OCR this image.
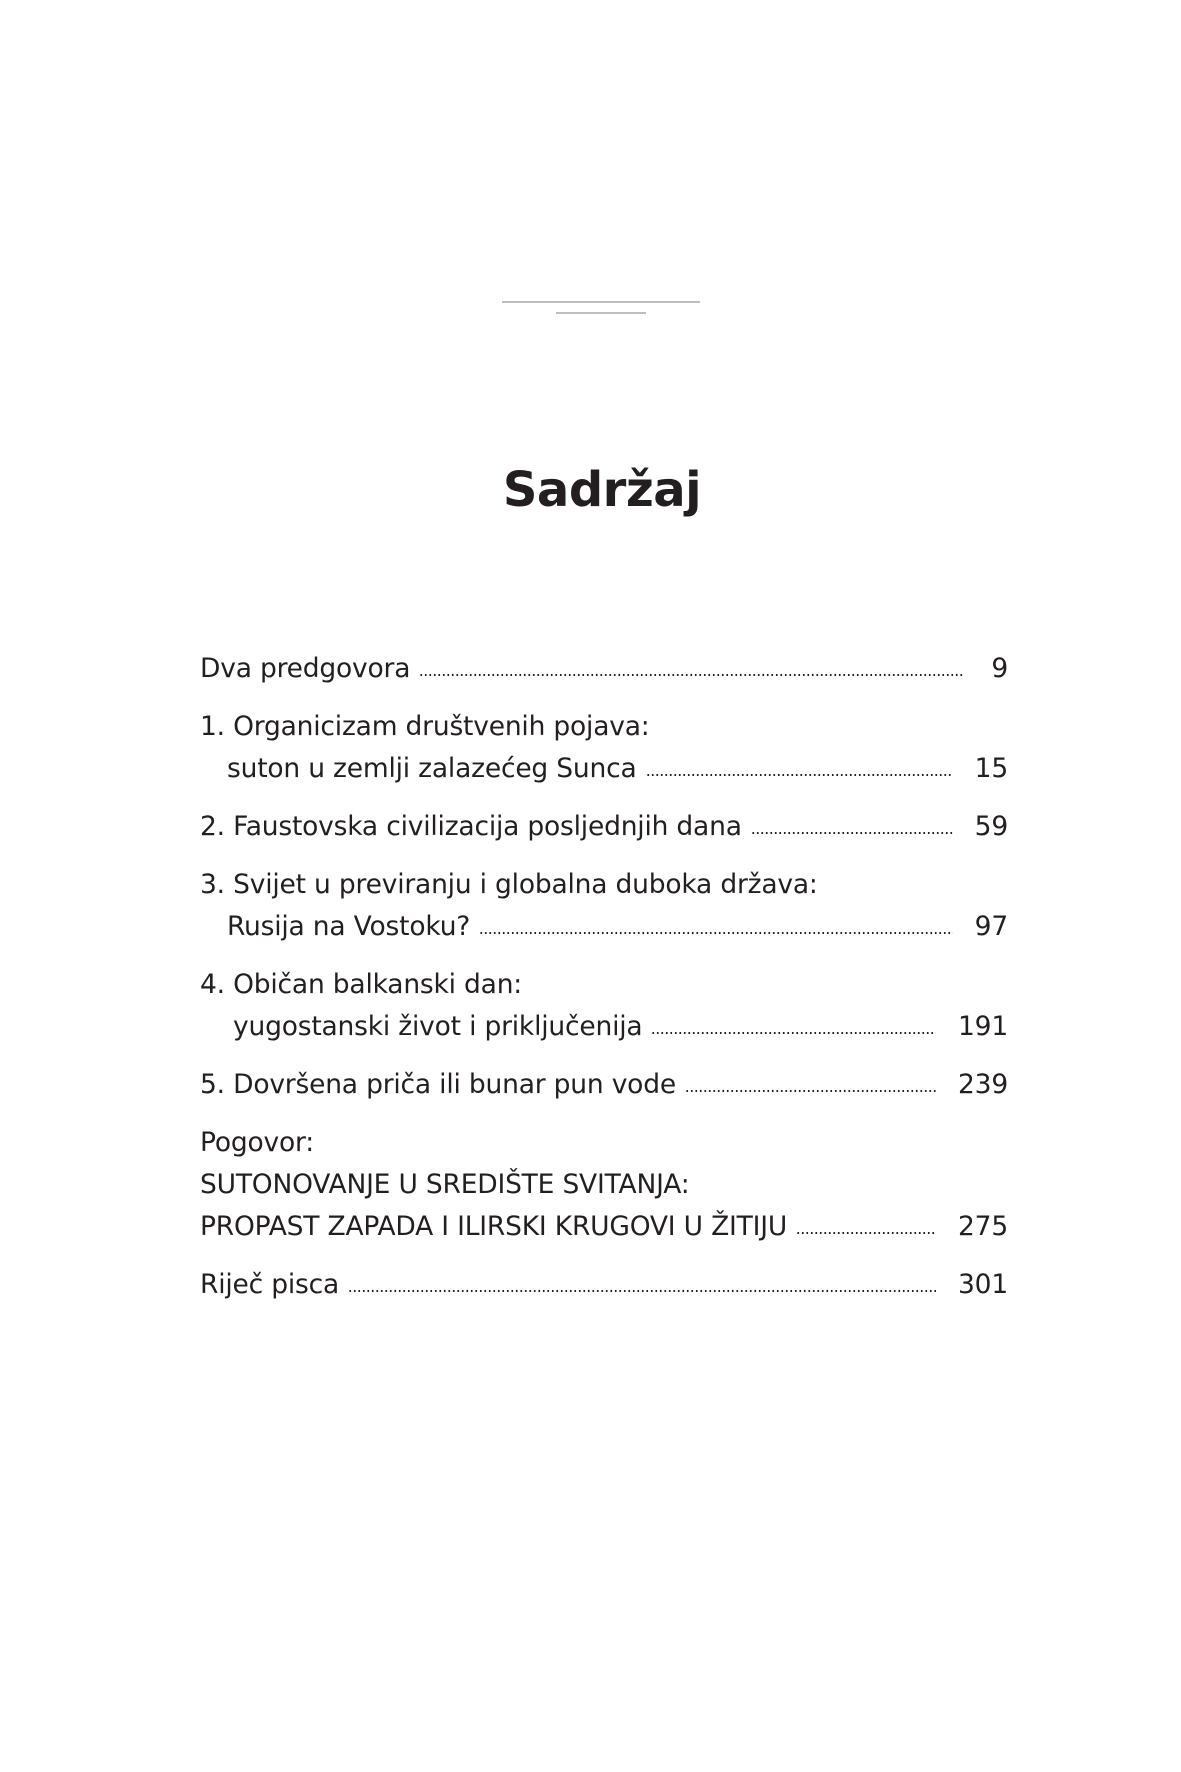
Sadržaj
Dva predgovora	9
1. Organicizam društvenih pojava:
suton u zemlji zalazećeg Sunca	15
2. Faustovska civilizacija posljednjih dana	59
3. Svijet u previranju i globalna duboka država:
Rusija na Vostoku?	97
4. Običan balkanski dan:
yugostanski život i priključenija	191
5. Dovršena priča ili bunar pun vode	239
Pogovor:
SUTONOVANJE U SREDIŠTE SVITANJA:
PROPAST ZAPADA I ILIRSKI KRUGOVI U ŽITIJU	275
Riječ pisca	301
